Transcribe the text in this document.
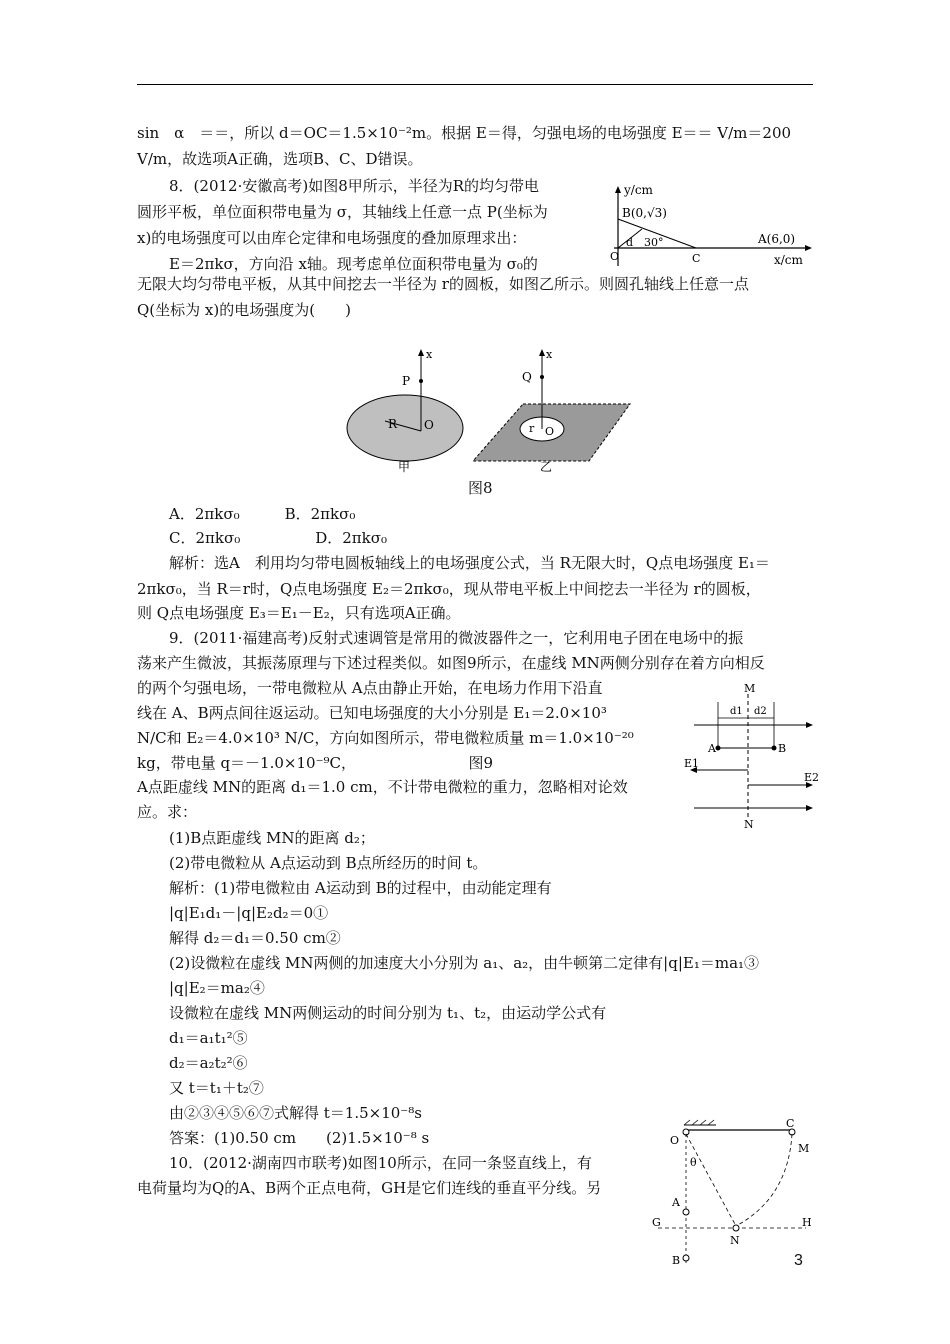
sin　α　＝＝，所以 d＝OC＝1.5×10⁻²m。根据 E＝得，匀强电场的电场强度 E＝＝ V/m＝200
V/m，故选项A正确，选项B、C、D错误。
8．(2012·安徽高考)如图8甲所示，半径为R的均匀带电
圆形平板，单位面积带电量为 σ，其轴线上任意一点 P(坐标为
x)的电场强度可以由库仑定律和电场强度的叠加原理求出：
E＝2πkσ，方向沿 x轴。现考虑单位面积带电量为 σ₀的
无限大均匀带电平板，从其中间挖去一半径为 r的圆板，如图乙所示。则圆孔轴线上任意一点
Q(坐标为 x)的电场强度为(　　)
y/cm
B(0,√3)
30°
d	A(6,0)
O	C	x/cm
x
P
R O
甲
x
Q
r O
乙
图8
A．2πkσ₀　　　B．2πkσ₀
C．2πkσ₀　　　　　D．2πkσ₀
解析：选A　利用均匀带电圆板轴线上的电场强度公式，当 R无限大时，Q点电场强度 E₁＝
2πkσ₀，当 R＝r时，Q点电场强度 E₂＝2πkσ₀，现从带电平板上中间挖去一半径为 r的圆板，
则 Q点电场强度 E₃＝E₁－E₂，只有选项A正确。
9．(2011·福建高考)反射式速调管是常用的微波器件之一，它利用电子团在电场中的振
荡来产生微波，其振荡原理与下述过程类似。如图9所示，在虚线 MN两侧分别存在着方向相反
的两个匀强电场，一带电微粒从 A点由静止开始，在电场力作用下沿直
线在 A、B两点间往返运动。已知电场强度的大小分别是 E₁＝2.0×10³
N/C和 E₂＝4.0×10³ N/C，方向如图所示，带电微粒质量 m＝1.0×10⁻²⁰
kg，带电量 q＝－1.0×10⁻⁹C，　　　　　　　　图9
A点距虚线 MN的距离 d₁＝1.0 cm，不计带电微粒的重力，忽略相对论效
应。求：
M
d1 d2
A	B
E1
E2
N
(1)B点距虚线 MN的距离 d₂；
(2)带电微粒从 A点运动到 B点所经历的时间 t。
解析：(1)带电微粒由 A运动到 B的过程中，由动能定理有
|q|E₁d₁－|q|E₂d₂＝0①
解得 d₂＝d₁＝0.50 cm②
(2)设微粒在虚线 MN两侧的加速度大小分别为 a₁、a₂，由牛顿第二定律有|q|E₁＝ma₁③
|q|E₂＝ma₂④
设微粒在虚线 MN两侧运动的时间分别为 t₁、t₂，由运动学公式有
d₁＝a₁t₁²⑤
d₂＝a₂t₂²⑥
又 t＝t₁＋t₂⑦
由②③④⑤⑥⑦式解得 t＝1.5×10⁻⁸s
答案：(1)0.50 cm　　(2)1.5×10⁻⁸ s
10．(2012·湖南四市联考)如图10所示，在同一条竖直线上，有
电荷量均为Q的A、B两个正点电荷，GH是它们连线的垂直平分线。另
O
C
M
θ
A
G	H
N
B	3
